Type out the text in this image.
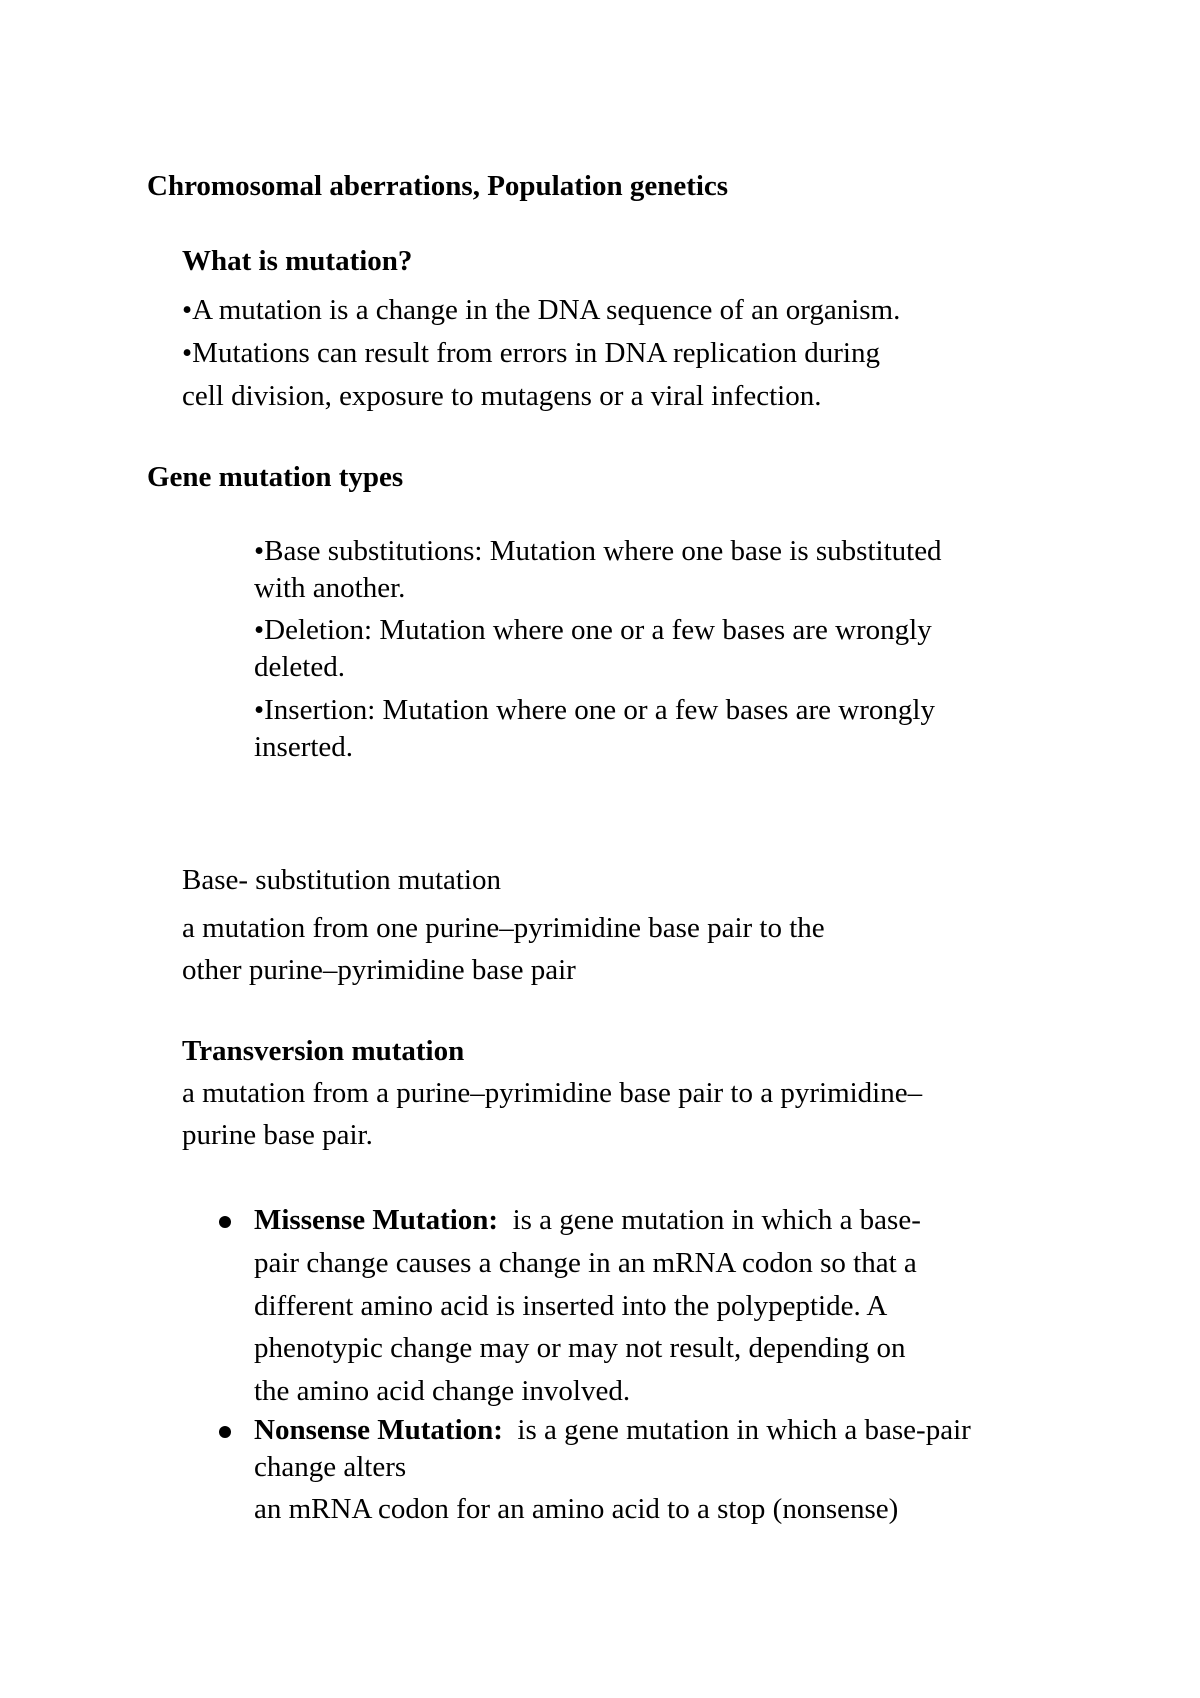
Chromosomal aberrations, Population genetics

What is mutation?

•A mutation is a change in the DNA sequence of an organism.

•Mutations can result from errors in DNA replication during

cell division, exposure to mutagens or a viral infection.

Gene mutation types

•Base substitutions: Mutation where one base is substituted

with another.

•Deletion: Mutation where one or a few bases are wrongly

deleted.

•Insertion: Mutation where one or a few bases are wrongly

inserted.

Base- substitution mutation

a mutation from one purine–pyrimidine base pair to the

other purine–pyrimidine base pair

Transversion mutation

a mutation from a purine–pyrimidine base pair to a pyrimidine–

purine base pair.

Missense Mutation:  is a gene mutation in which a base-

pair change causes a change in an mRNA codon so that a

different amino acid is inserted into the polypeptide. A

phenotypic change may or may not result, depending on

the amino acid change involved.

Nonsense Mutation:  is a gene mutation in which a base-pair

change alters

an mRNA codon for an amino acid to a stop (nonsense)
